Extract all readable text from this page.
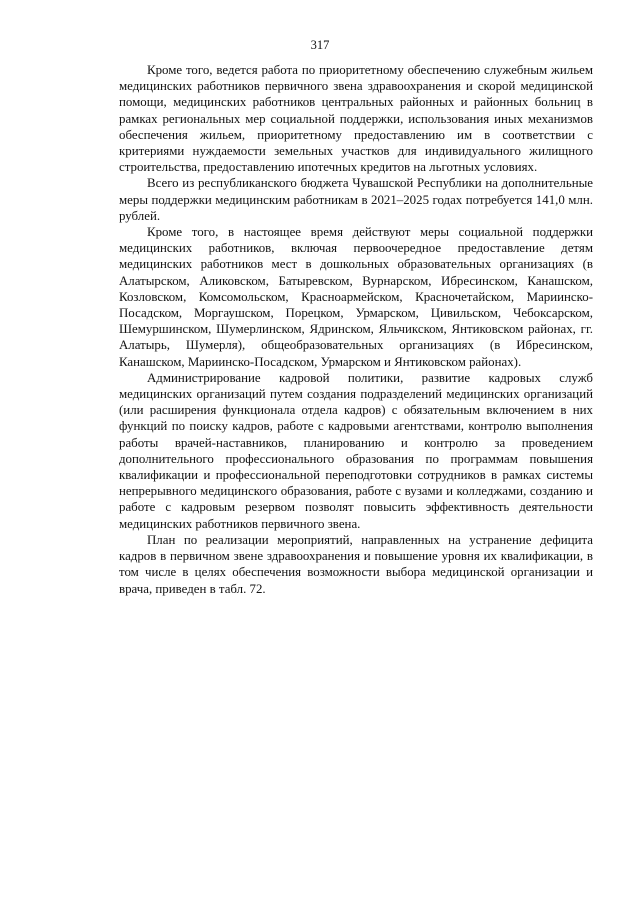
317

Кроме того, ведется работа по приоритетному обеспечению служебным жильем медицинских работников первичного звена здравоохранения и скорой медицинской помощи, медицинских работников центральных районных и районных больниц в рамках региональных мер социальной поддержки, использования иных механизмов обеспечения жильем, приоритетному предоставлению им в соответствии с критериями нуждаемости земельных участков для индивидуального жилищного строительства, предоставлению ипотечных кредитов на льготных условиях.

Всего из республиканского бюджета Чувашской Республики на дополнительные меры поддержки медицинским работникам в 2021–2025 годах потребуется 141,0 млн. рублей.

Кроме того, в настоящее время действуют меры социальной поддержки медицинских работников, включая первоочередное предоставление детям медицинских работников мест в дошкольных образовательных организациях (в Алатырском, Аликовском, Батыревском, Вурнарском, Ибресинском, Канашском, Козловском, Комсомольском, Красноармейском, Красночетайском, Мариинско-Посадском, Моргаушском, Порецком, Урмарском, Цивильском, Чебоксарском, Шемуршинском, Шумерлинском, Ядринском, Яльчикском, Янтиковском районах, гг. Алатырь, Шумерля), общеобразовательных организациях (в Ибресинском, Канашском, Мариинско-Посадском, Урмарском и Янтиковском районах).

Администрирование кадровой политики, развитие кадровых служб медицинских организаций путем создания подразделений медицинских организаций (или расширения функционала отдела кадров) с обязательным включением в них функций по поиску кадров, работе с кадровыми агентствами, контролю выполнения работы врачей-наставников, планированию и контролю за проведением дополнительного профессионального образования по программам повышения квалификации и профессиональной переподготовки сотрудников в рамках системы непрерывного медицинского образования, работе с вузами и колледжами, созданию и работе с кадровым резервом позволят повысить эффективность деятельности медицинских работников первичного звена.

План по реализации мероприятий, направленных на устранение дефицита кадров в первичном звене здравоохранения и повышение уровня их квалификации, в том числе в целях обеспечения возможности выбора медицинской организации и врача, приведен в табл. 72.
